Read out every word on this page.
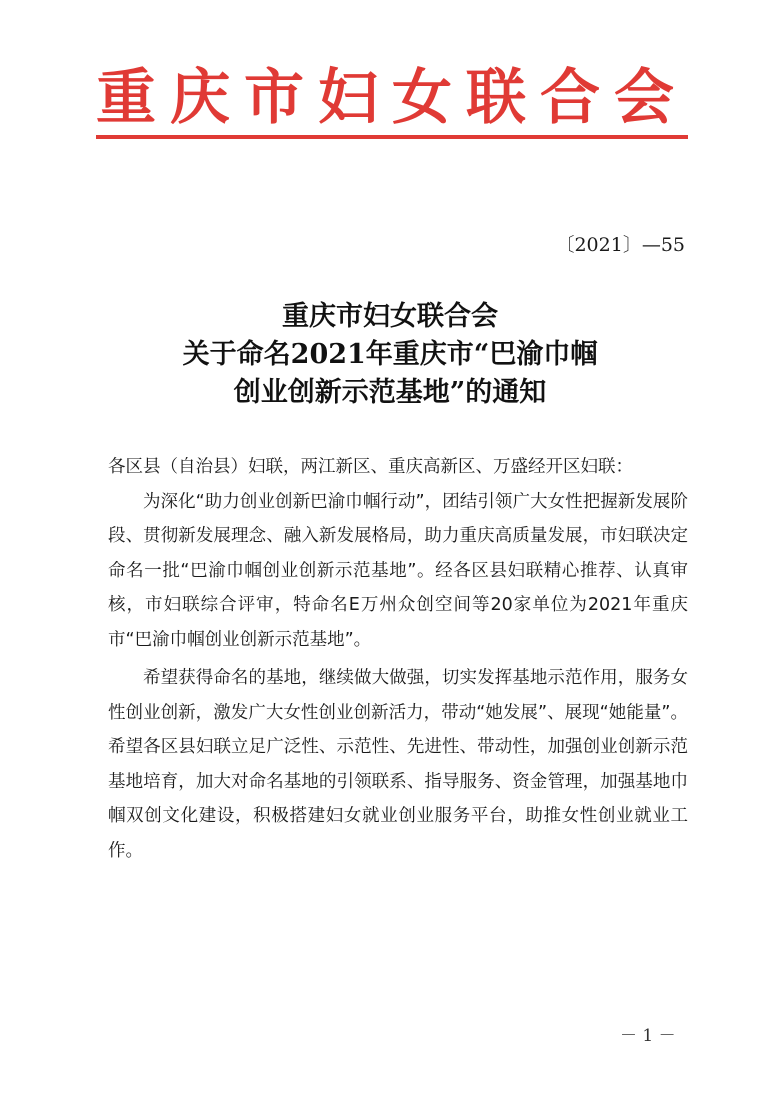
重庆市妇女联合会
〔2021〕—55
重庆市妇女联合会
关于命名2021年重庆市“巴渝巾帼
创业创新示范基地”的通知

各区县（自治县）妇联，两江新区、重庆高新区、万盛经开区妇联：

为深化“助力创业创新巴渝巾帼行动”，团结引领广大女性把握新发展阶段、贯彻新发展理念、融入新发展格局，助力重庆高质量发展，市妇联决定命名一批“巴渝巾帼创业创新示范基地”。经各区县妇联精心推荐、认真审核，市妇联综合评审，特命名E万州众创空间等20家单位为2021年重庆市“巴渝巾帼创业创新示范基地”。

希望获得命名的基地，继续做大做强，切实发挥基地示范作用，服务女性创业创新，激发广大女性创业创新活力，带动“她发展”、展现“她能量”。希望各区县妇联立足广泛性、示范性、先进性、带动性，加强创业创新示范基地培育，加大对命名基地的引领联系、指导服务、资金管理，加强基地巾帼双创文化建设，积极搭建妇女就业创业服务平台，助推女性创业就业工作。

－ 1 －
